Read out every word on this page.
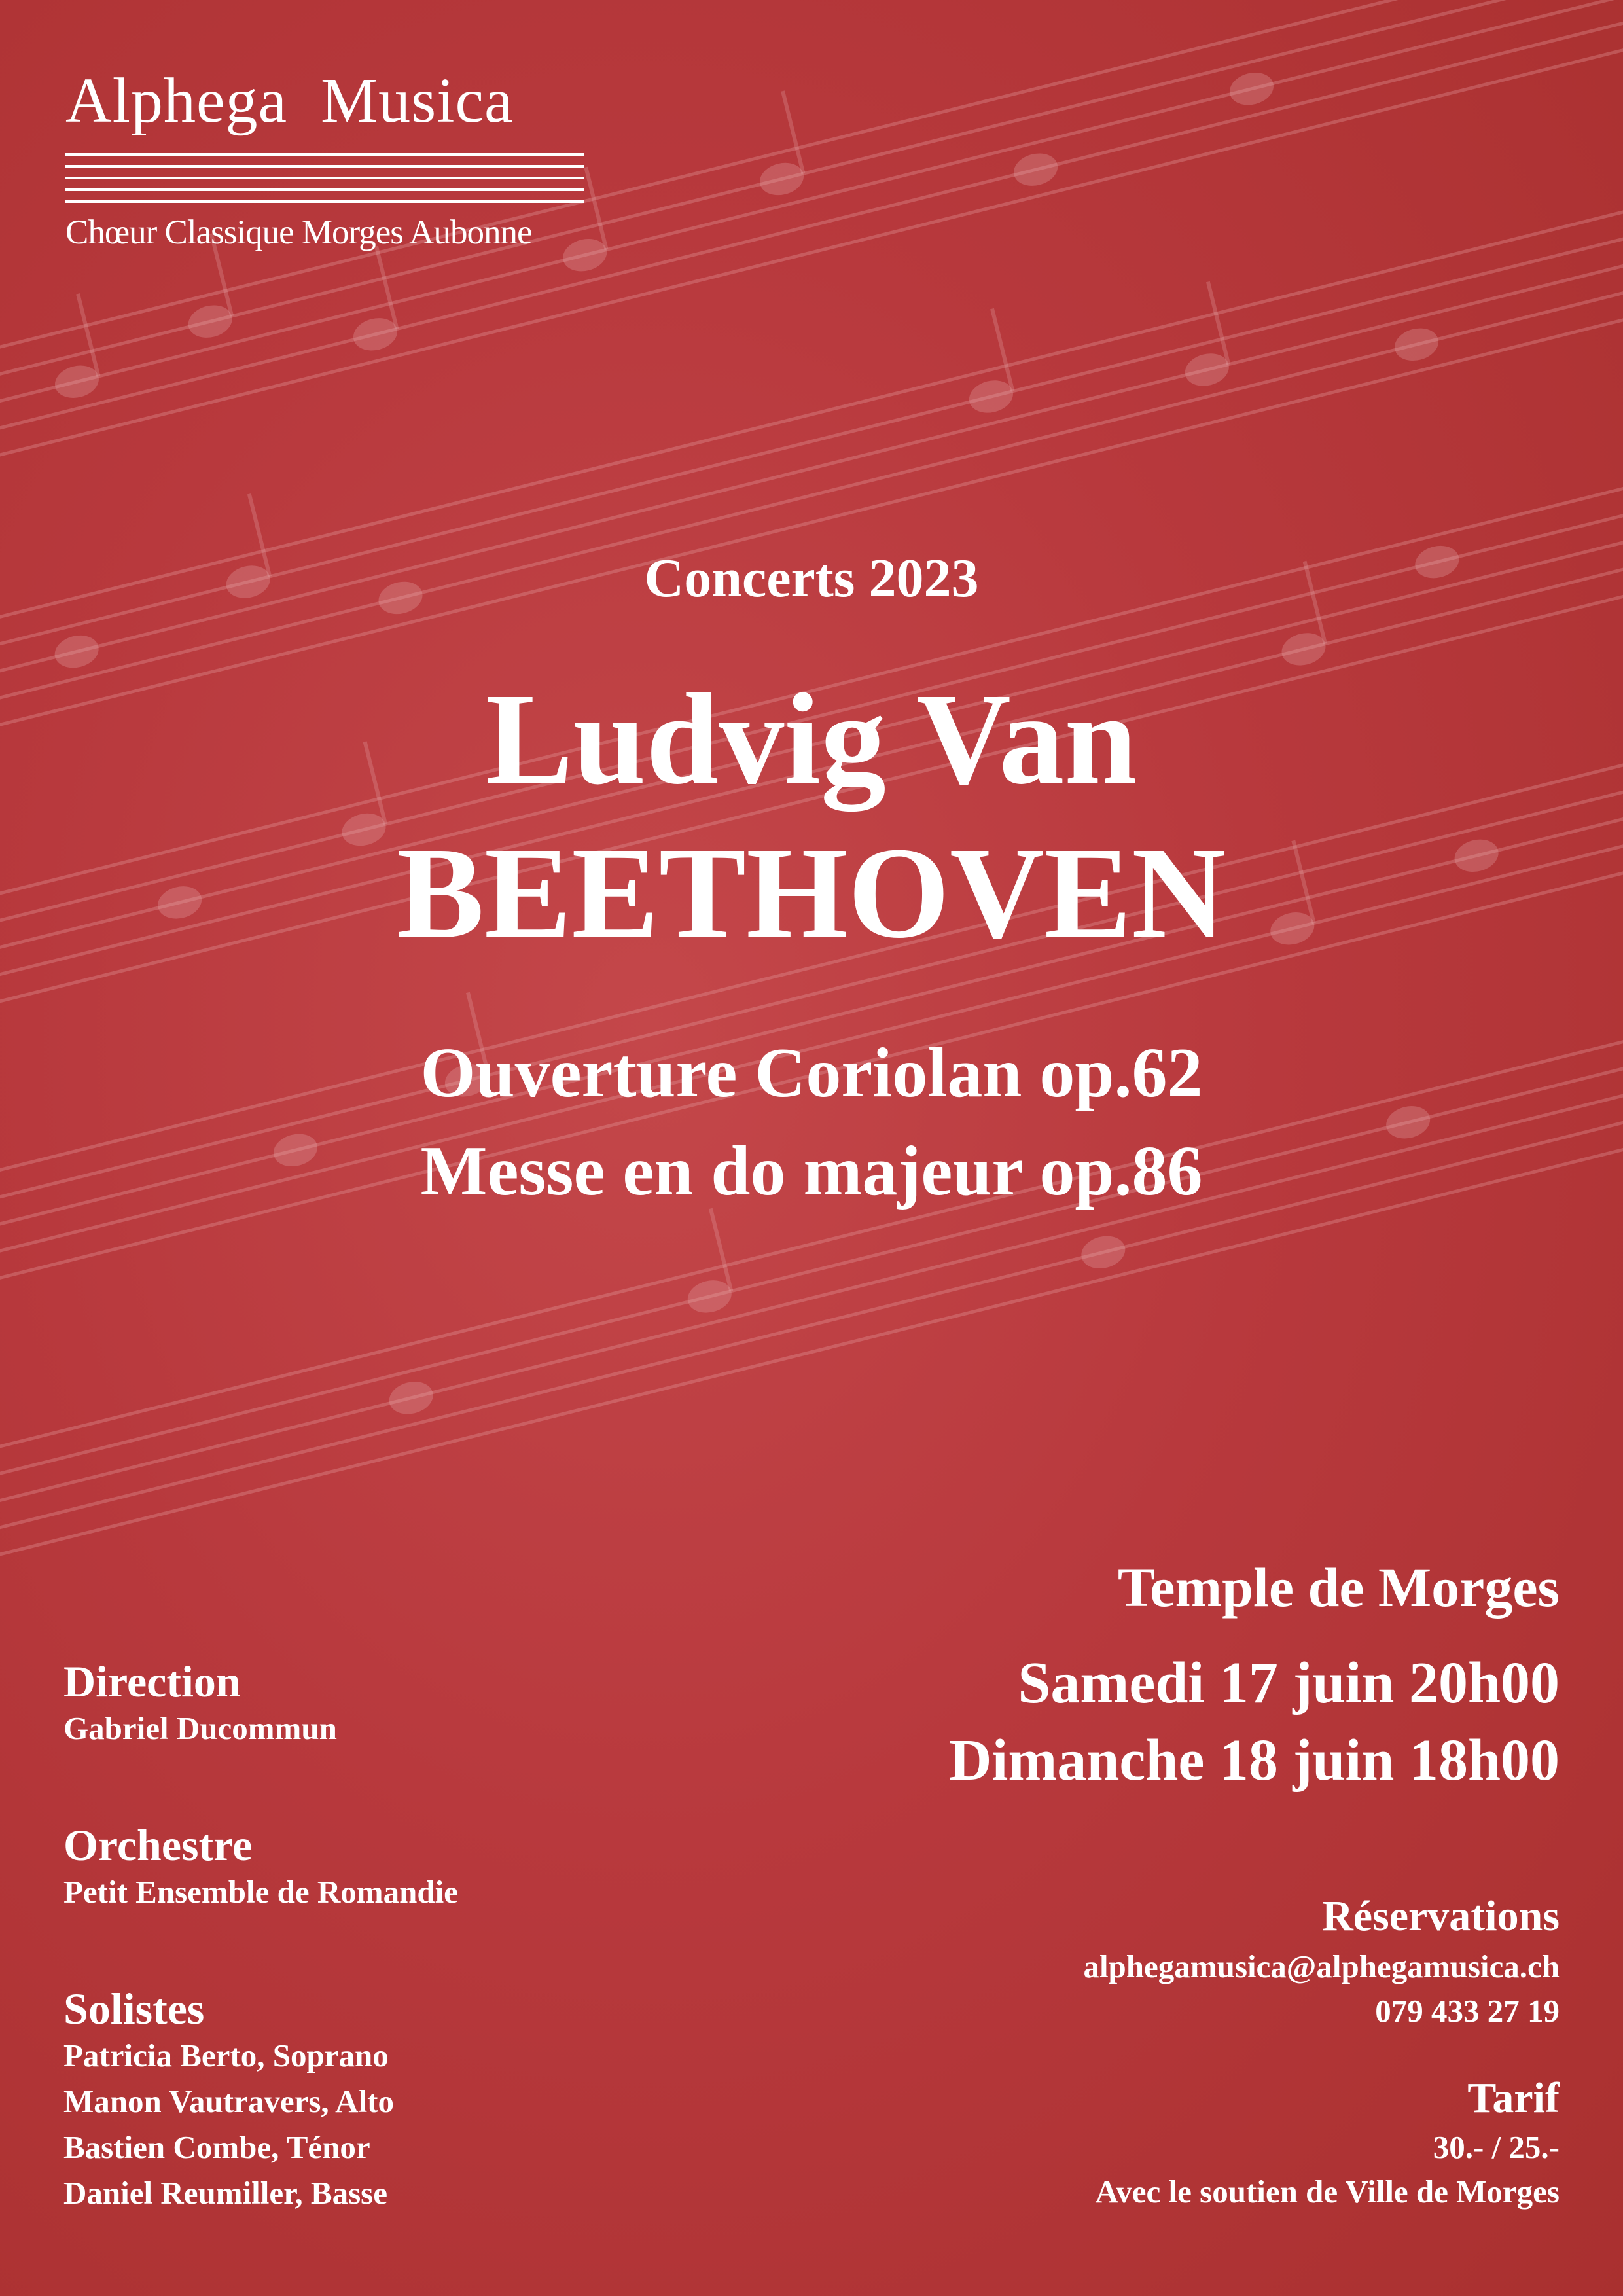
Alphega  Musica
Chœur Classique Morges Aubonne
Concerts 2023
Ludvig Van
BEETHOVEN
Ouverture Coriolan op.62
Messe en do majeur op.86
Direction
Gabriel Ducommun
Orchestre
Petit Ensemble de Romandie
Solistes
Patricia Berto, Soprano
Manon Vautravers, Alto
Bastien Combe, Ténor
Daniel Reumiller, Basse
Temple de Morges
Samedi 17 juin 20h00
Dimanche 18 juin 18h00
Réservations
alphegamusica@alphegamusica.ch
079 433 27 19
Tarif
30.- / 25.-
Avec le soutien de Ville de Morges
